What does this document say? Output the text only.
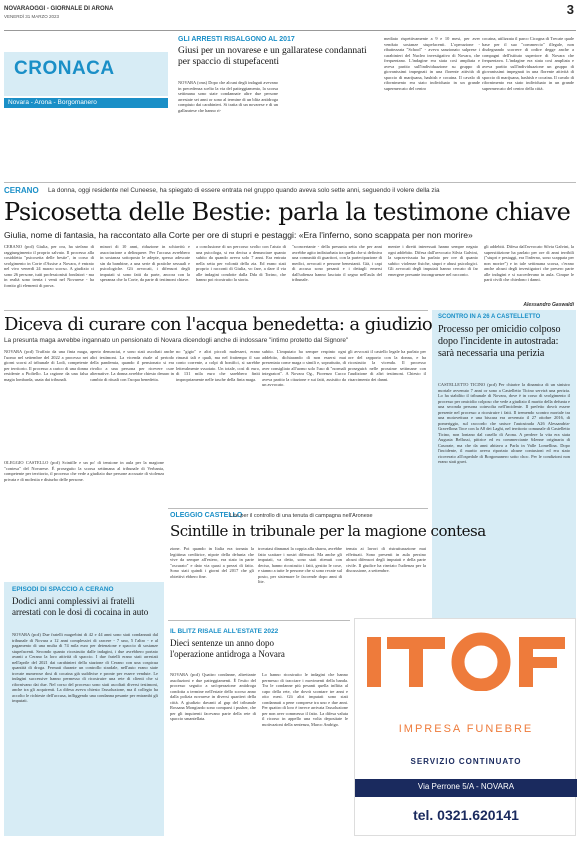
NOVARAOGGI - GIORNALE DI ARONA
VENERDÌ 31 MARZO 2023	3
CRONACA
Novara - Arona - Borgomanero
GLI ARRESTI RISALGONO AL 2017
Giusi per un novarese e un gallaratese condannati per spaccio di stupefacenti
NOVARA (cms) Dopo che alcuni degli indagati avevano in precedenza scelto la via del patteggiamento, la scorsa settimana sono state condannate altre due persone arrestate sei anni or sono al termine di un blitz antidroga compiuto dai carabinieri. Si tratta di un novarese e di un gallaratese che hanno ri-
mediato rispettivamente a 9 e 10 mesi, per aver venduto sostanze stupefacenti. L'operazione - ribattezzata "School" - aveva sanzionato sulprese i carabinieri del Nucleo investigativo di Novara, che frequentano. L'indagine era stata così ampliata e aveva partito sull'individuazione su gruppo di giovanissimi impegnati in una florente attività di spaccio di marijuana, hashish e cocaina. Il cavalo di rifornimento era stato individuato in un grande supermercato del centro
cocaina, utilizzata il parco Cicogna di Trecate quale base per il suo "commercio" illegale, non disdegnando scorrere di ordire degge anche a compagni dell'istituto superiore di Novara che frequentava. L'indagine era stata così ampliata e aveva partito sull'individuazione un gruppo di giovanissimi impegnati in una florente attività di spaccio di marijuana, hashish e cocaina. Il cavalo di rifornimento era stato individuato in un grande supermercato del centro della città.
CERANO La donna, oggi residente nel Cuneese, ha spiegato di essere entrata nel gruppo quando aveva solo sette anni, seguendo il volere della zia
Psicosetta delle Bestie: parla la testimone chiave
Giulia, nome di fantasia, ha raccontato alla Corte per ore di stupri e pestaggi: «Era l'inferno, sono scappata per non morire»
CERANO (pcd) Giulia, per ora, ha stefano di raggiungimento il proprio salvato. Il processo alla cosiddetta "psicosetta delle bestie", in corso di svolgimento in Corte d'Assise a Novara, è entrato nel vivo venerdì 24 marzo scorso. A giudizio ci sono 26 persone, tutti professionisti fondatori - ma in realtà sono trenta i venti nel Novarese - ha fornito gli elementi di prova.
minori di 10 anni, riduzione in schiavitù e associazione a delinquere. Per l'accusa avrebbero in sostanza sottoposto le adepte, spesso adescate sin da bambine, a una serie di pratiche sessuali e psicologiche. Gli avvocati, i difensori degli imputati si sono fatti da parte, ancora con la speranza che la Corte, da parte di testimoni chiave.
a conclusione di un percorso svolto con l'aiuto di una psicologa, si era decisa a denunciare quanto subito da quando aveva solo 7 anni. Era entrata nella setta per volontà della zia. Ed erano stati proprio i racconti di Giulia, vo fare, a dare il via alle indagini condotte dalla Dda di Torino, che hanno poi ricostruito la storia.
"sconcertante - della presunta setta che per anni avrebbe agito indisturbata tra quella che si definiva una comunità di guaritori, con la partecipazione di medici, avvocati e persone benestanti. Già, i capi di accusa sono pesanti e i dettagli emersi dall'udienza hanno lasciato il segno nell'aula del tribunale.
mentre i diretti interessati hanno sempre negato ogni addebito. Difesa dall'avvocato Silvia Galvini, la sopravvissuta ha parlato per ore di quanto subito: violenze fisiche, stupri e abusi psicologici. Gli avvocati degli imputati hanno cercato di far emergere presunte incongruenze nel racconto.
gli addebiti. Difesa dall'avvocato Silvia Galvini, la superstitizione ha parlato per ore di anni terribili ("stupri e pestaggi, era l'inferno, sono scappata per non morire") e in tale settimana scorsa, c'erano anche alcuni degli investigatori che presero parte alle indagini e si succedevano in aula. Cinque le parti civili che chiedono i danni.
Alessandro Gaswaldi
Diceva di curare con l'acqua benedetta: a giudizio
La presunta maga avrebbe ingannato un pensionato di Novara dicendogli anche di indossare "intimo protetto dal Signore"
NOVARA (pcd) Truffato da una finta maga, l'uomo nel settembre del 2022 a processo nei giorni scorsi al tribunale di Lodi, competente per territorio. Il processo a carico di una donna residente a Pioltello. La ragione da una falsa magia lombarda, usata dai tribunali.
aperto denunciai, e sono stati ascoltati anche altri testimoni. La vicenda risale al periodo della pandemia, quando il pensionato si era rivolto a una persona per ricevere cure alternative. La donna avrebbe chiesto denaro in cambio di rituali con l'acqua benedetta.
no "gigio" e altri piccoli malesseri, erano rimasti tali e quali, ma nel frattempo il suo conto corrente, a colpi di bonifici, si sarebbe letteralmente svuotato. Un totale, così di euro, di 131 mila euro che sarebbero finiti impropriamente nelle tasche della finta maga.
subito. L'imputato ha sempre respinto ogni addebito, dichiarando di non essersi mai presentata come maga o simili e, soprattutto, di aver consigliato all'uomo solo l'uso di "normali integratori". A Novara Og., Fiorenzo Cucco aveva partito la citazione e sui fatti, assistito da un avvocato.
gli avvocati il castello legale ha parlato per ore del rapporto con la donna, e ha ricostruito la vicenda. Il processo proseguirà nelle prossime settimane con l'audizione di altri testimoni. Chiesto il risarcimento dei danni.
SCONTRO IN A 26 A CASTELLETTO
Processo per omicidio colposo dopo l'incidente in autostrada: sarà necessaria una perizia
CASTELLETTO TICINO (pcd) Per chiarire la dinamica di un sinistro mortale avvenuto 7 anni or sono a Castelletto Ticino servirà una perizia. Lo ha stabilito il tribunale di Novara, dove è in corso di svolgimento il processo per omicidio colposo che vede a giudizio il marito della defunta e una seconda persona coinvolta nell'incidente. Il prefetto dovrà essere presente nel processo a ricostruire i fatti. Il tremendo scontro mortale tra una motovettura e una biscara era avvenuto il 27 ottobre 2016, di pomeriggio, sul raccordo che unisce l'autostrada A26 Alessandria-Gravellona Toce con la A8 dei Laghi, nel territorio comunale di Castelletto Ticino, non lontano dal casello di Arona. A perdere la vita era stata Augusta Bellussi, pittrice ed ex commerciante 64enne originaria di Casorate, ma che da anni abitava a Parla in Valle Lomellina. Dopo l'incidente, il marito aveva riportato alcune contusioni ed era stato ricoverato all'ospedale di Borgomanero sotto choc. Per le condizioni non erano stati gravi.
OLEGGIO CASTELLO (pcd) Scintille e un po' di tensione in aula per la magione "contesa" del Novarese. È proseguito la scorsa settimana al tribunale di Verbania, competente per territorio, il processo che vede a giudizio due persone accusate di violenza privata e di molestia e disturbo delle persone.
OLEGGIO CASTELLO
Lite per il controllo di una tenuta di campagna nell'Aronese
Scintille in tribunale per la magione contesa
zione. Poi quando in Italia era tornata la legittima creditrice, nipote della defunta che vive da sempre all'estero, era stato in parte "oscurato" e dato via quasi a prezzi di fatto. Sono stati quindi i giorni del 2017 che gli obiettivi ebbero fine.
trovatasi dinnanzi la coppia alla sbarra, avrebbe fatto scattare i nostri difensori. Ma anche gli imputati, va detto, sono stati ritenuti con deciso, hanno ricostruito i fatti, gestito le cose, e stanno a tutte le persone che si sono recate sul posto, per sistemare le faccende dopo anni di lite.
tenuta ai lavori di ristrutturazione mai effettuati. Sono presenti in aula persino alcuni difensori degli imputati e della parte civile. Il giudice ha rinviato l'udienza per la discussione, a settembre.
EPISODI DI SPACCIO A CERANO
Dodici anni complessivi ai fratelli arrestati con le dosi di cocaina in auto
NOVARA (pcd) Due fratelli magrebini di 42 e 44 anni sono stati condannati dal tribunale di Novara a 12 anni complessivi di carcere - 7 uno, 5 l'altro - e al pagamento di una multa di 74 mila euro per detenzione e spaccio di sostanze stupefacenti. Secondo quanto ricostruito dalle indagini, i due avrebbero portato avanti a Cerano la loro attività di spaccio. I due fratelli erano stati arrestati nell'aprile del 2021 dai carabinieri della stazione di Cerano con una cospicua quantità di droga. Fermati durante un controllo stradale, nell'auto erano state trovate numerose dosi di cocaina già suddivise e pronte per essere vendute. Le indagini successive hanno permesso di ricostruire una rete di clienti che si rifornivano dai due. Nel corso del processo sono stati ascoltati diversi testimoni, anche tra gli acquirenti. La difesa aveva chiesto l'assoluzione, ma il collegio ha accolto le richieste dell'accusa, infliggendo una condanna pesante per entrambi gli imputati.
IL BLITZ RISALE ALL'ESTATE 2022
Dieci sentenze un anno dopo l'operazione antidroga a Novara
NOVARA (pcd) Quattro condanne, altrettante assoluzioni e due patteggiamenti. È l'esito del processo seguito a un'operazione antidroga condotta a termine nell'estate dello scorso anno dalla polizia novarese in diversi quartieri della città. A giudizio davanti al gup del tribunale Rossana Mongiardo sono comparsi i pusher, che per gli inquirenti facevano parte della rete di spaccio smantellata.
Lo hanno ricostruito le indagini che hanno permesso di tracciare i movimenti della banda. Tra le condanne più pesanti quella inflitta al capo della rete, che dovrà scontare tre anni e otto mesi. Gli altri imputati sono stati condannati a pene comprese tra uno e due anni. Per quattro di loro è invece arrivata l'assoluzione per non aver commesso il fatto. La difesa valuta il ricorso in appello una volta depositate le motivazioni della sentenza, Marco Andrigo.	IMPRESA FUNEBRE
SERVIZIO CONTINUATO
Via Perrone 5/A - NOVARA
tel. 0321.620141
